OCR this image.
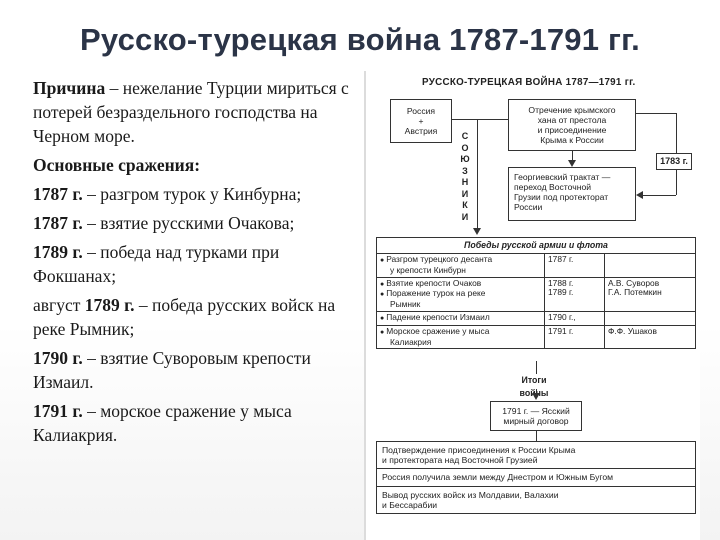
Русско-турецкая война 1787-1791 гг.

Причина – нежелание Турции мириться с потерей безраздельного господства на Черном море.

Основные сражения:

1787 г. – разгром турок у Кинбурна;

1787 г. – взятие русскими Очакова;

1789 г. – победа над турками при Фокшанах;

август 1789 г. – победа русских войск на реке Рымник;

1790 г. – взятие Суворовым крепости Измаил.

1791 г. – морское сражение у мыса Калиакрия.

РУССКО-ТУРЕЦКАЯ ВОЙНА 1787—1791 гг.
Россия
+
Австрия
Отречение крымского
хана от престола
и присоединение
Крыма к России
1783 г.
Георгиевский трактат —
переход Восточной
Грузии под протекторат
России
С
О
Ю
З
Н
И
К
И
Победы русской армии и флота
● Разгром турецкого десанта
у крепости Кинбурн
1787 г.
● Взятие крепости Очаков
● Поражение турок на реке
Рымник
1788 г.
1789 г.
А.В. Суворов
Г.А. Потемкин
● Падение крепости Измаил	1790 г.,
● Морское сражение у мыса
Калиакрия
1791 г.	Ф.Ф. Ушаков
Итоги войны
1791 г. — Ясский
мирный договор
Подтверждение присоединения к России Крыма
и протектората над Восточной Грузией
Россия получила земли между Днестром и Южным Бугом
Вывод русских войск из Молдавии, Валахии
и Бессарабии
